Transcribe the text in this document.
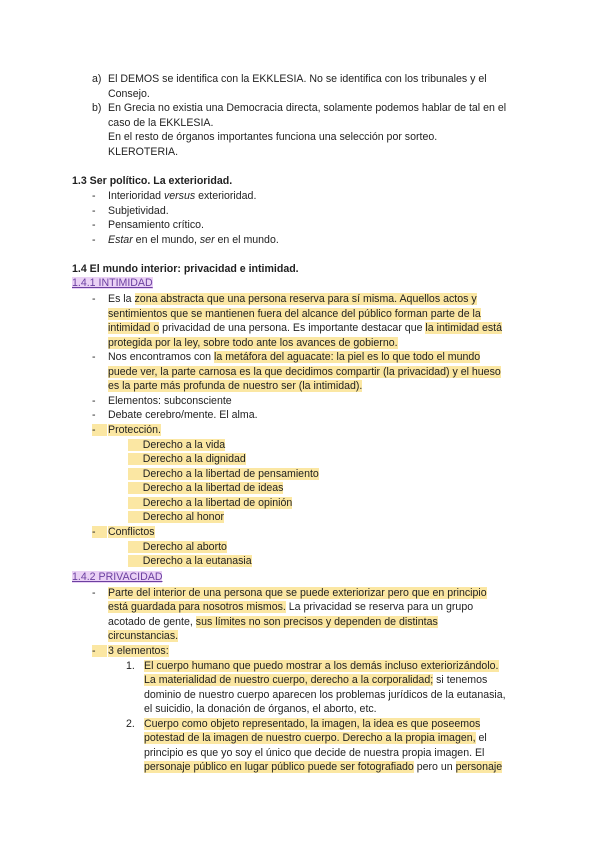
a) El DEMOS se identifica con la EKKLESIA. No se identifica con los tribunales y el
Consejo.
b) En Grecia no existia una Democracia directa, solamente podemos hablar de tal en el
caso de la EKKLESIA.
En el resto de órganos importantes funciona una selección por sorteo.
KLEROTERIA.
1.3 Ser político. La exterioridad.
- Interioridad versus exterioridad.
- Subjetividad.
- Pensamiento crítico.
- Estar en el mundo, ser en el mundo.
1.4 El mundo interior: privacidad e intimidad.
1.4.1 INTIMIDAD
- Es la zona abstracta que una persona reserva para sí misma. Aquellos actos y
sentimientos que se mantienen fuera del alcance del público forman parte de la
intimidad o privacidad de una persona. Es importante destacar que la intimidad está
protegida por la ley, sobre todo ante los avances de gobierno.
- Nos encontramos con la metáfora del aguacate: la piel es lo que todo el mundo
puede ver, la parte carnosa es la que decidimos compartir (la privacidad) y el hueso
es la parte más profunda de nuestro ser (la intimidad).
- Elementos: subconsciente
- Debate cerebro/mente. El alma.
- Protección.
Derecho a la vida
Derecho a la dignidad
Derecho a la libertad de pensamiento
Derecho a la libertad de ideas
Derecho a la libertad de opinión
Derecho al honor
- Conflictos
Derecho al aborto
Derecho a la eutanasia
1.4.2 PRIVACIDAD
- Parte del interior de una persona que se puede exteriorizar pero que en principio
está guardada para nosotros mismos. La privacidad se reserva para un grupo
acotado de gente, sus límites no son precisos y dependen de distintas
circunstancias.
- 3 elementos:
1. El cuerpo humano que puedo mostrar a los demás incluso exteriorizándolo.
La materialidad de nuestro cuerpo, derecho a la corporalidad; si tenemos
dominio de nuestro cuerpo aparecen los problemas jurídicos de la eutanasia,
el suicidio, la donación de órganos, el aborto, etc.
2. Cuerpo como objeto representado, la imagen, la idea es que poseemos
potestad de la imagen de nuestro cuerpo. Derecho a la propia imagen, el
principio es que yo soy el único que decide de nuestra propia imagen. El
personaje público en lugar público puede ser fotografiado pero un personaje
